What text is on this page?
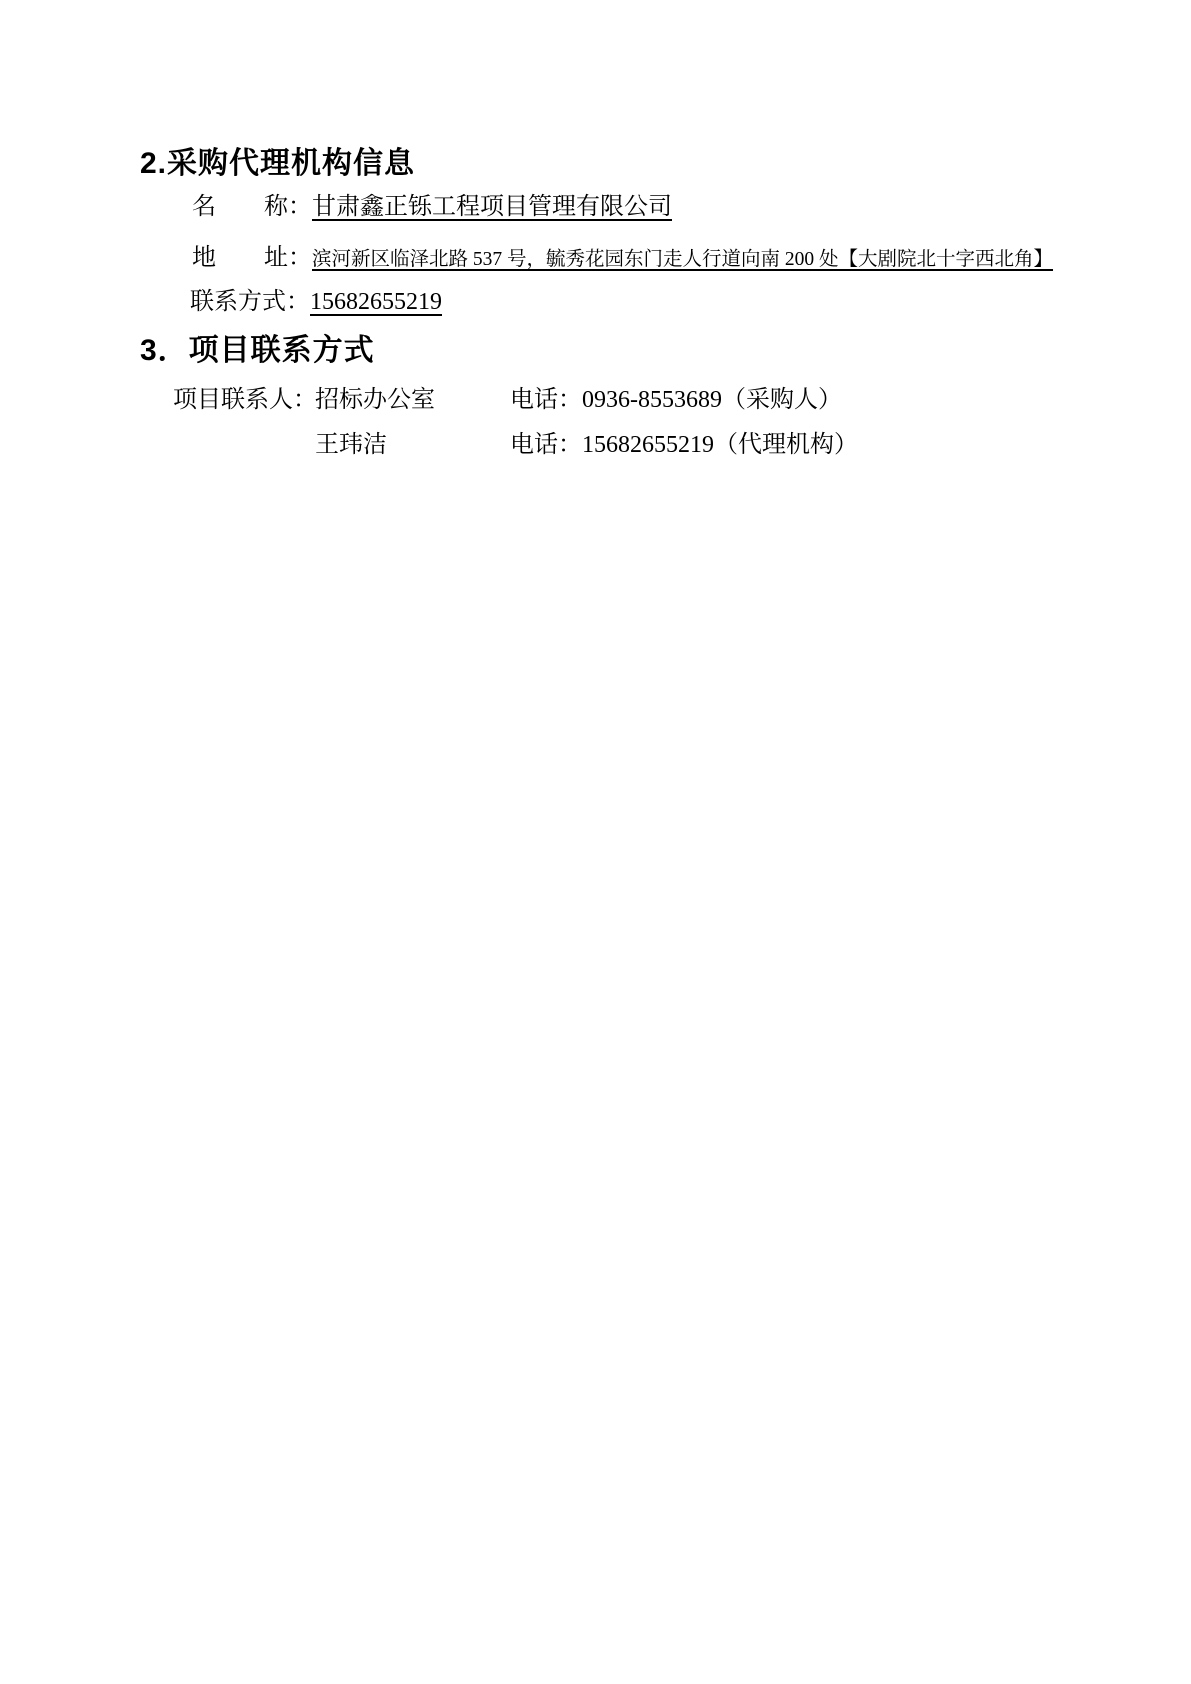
2.采购代理机构信息
名　　称：甘肃鑫正铄工程项目管理有限公司
地　　址：滨河新区临泽北路 537 号，毓秀花园东门走人行道向南 200 处【大剧院北十字西北角】
联系方式：15682655219
3．项目联系方式
项目联系人：
招标办公室	电话：0936-8553689（采购人）
王玮洁	电话：15682655219（代理机构）
